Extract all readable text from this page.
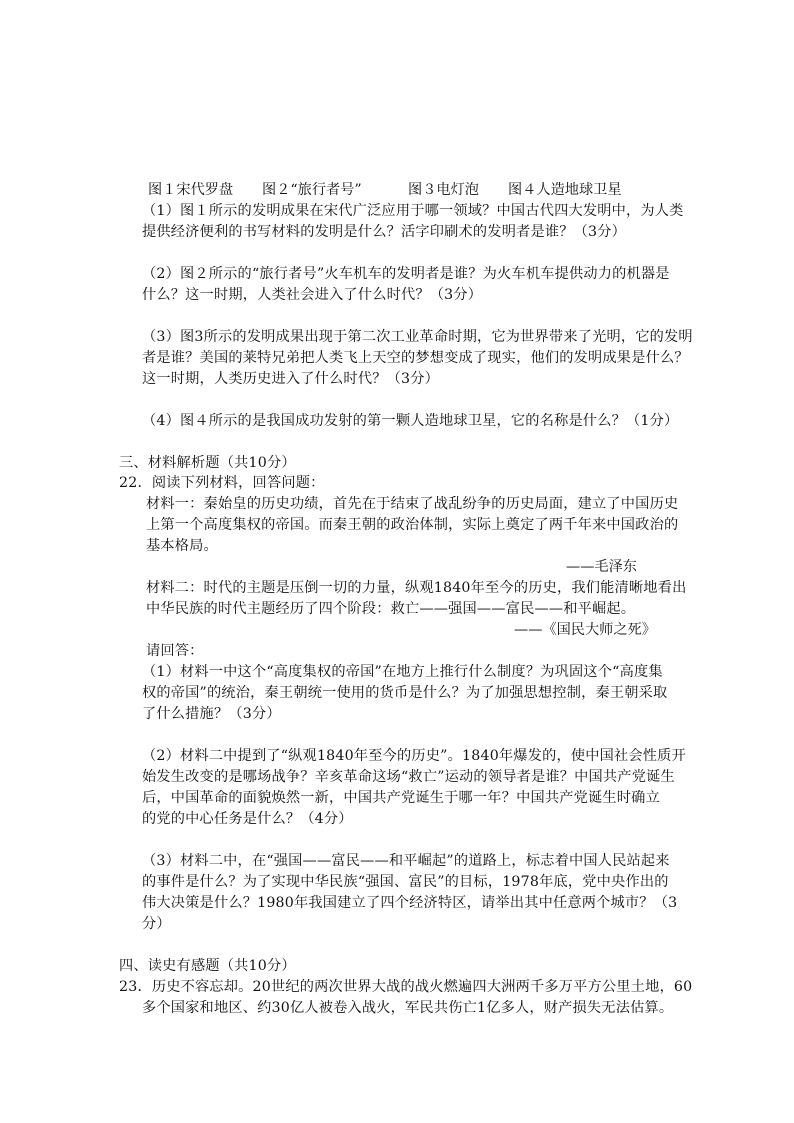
图１宋代罗盘 图２“旅行者号”	图３电灯泡 图４人造地球卫星
（1）图１所示的发明成果在宋代广泛应用于哪一领域？中国古代四大发明中，为人类
提供经济便利的书写材料的发明是什么？活字印刷术的发明者是谁？（3分）
（2）图２所示的“旅行者号”火车机车的发明者是谁？为火车机车提供动力的机器是
什么？这一时期，人类社会进入了什么时代？（3分）
（3）图3所示的发明成果出现于第二次工业革命时期，它为世界带来了光明，它的发明
者是谁？美国的莱特兄弟把人类飞上天空的梦想变成了现实，他们的发明成果是什么？
这一时期，人类历史进入了什么时代？（3分）
（4）图４所示的是我国成功发射的第一颗人造地球卫星，它的名称是什么？（1分）
三、材料解析题（共10分）
22．阅读下列材料，回答问题：
材料一：秦始皇的历史功绩，首先在于结束了战乱纷争的历史局面，建立了中国历史
上第一个高度集权的帝国。而秦王朝的政治体制，实际上奠定了两千年来中国政治的
基本格局。
——毛泽东
材料二：时代的主题是压倒一切的力量，纵观1840年至今的历史，我们能清晰地看出
中华民族的时代主题经历了四个阶段：救亡——强国——富民——和平崛起。
——《国民大师之死》
请回答：
（1）材料一中这个“高度集权的帝国”在地方上推行什么制度？为巩固这个“高度集
权的帝国”的统治，秦王朝统一使用的货币是什么？为了加强思想控制，秦王朝采取
了什么措施？（3分）
（2）材料二中提到了“纵观1840年至今的历史”。1840年爆发的，使中国社会性质开
始发生改变的是哪场战争？辛亥革命这场“救亡”运动的领导者是谁？中国共产党诞生
后，中国革命的面貌焕然一新，中国共产党诞生于哪一年？中国共产党诞生时确立
的党的中心任务是什么？（4分）
（3）材料二中，在“强国——富民——和平崛起”的道路上，标志着中国人民站起来
的事件是什么？为了实现中华民族“强国、富民”的目标，1978年底，党中央作出的
伟大决策是什么？1980年我国建立了四个经济特区，请举出其中任意两个城市？（3
分）
四、读史有感题（共10分）
23．历史不容忘却。20世纪的两次世界大战的战火燃遍四大洲两千多万平方公里土地，60
多个国家和地区、约30亿人被卷入战火，军民共伤亡1亿多人，财产损失无法估算。
